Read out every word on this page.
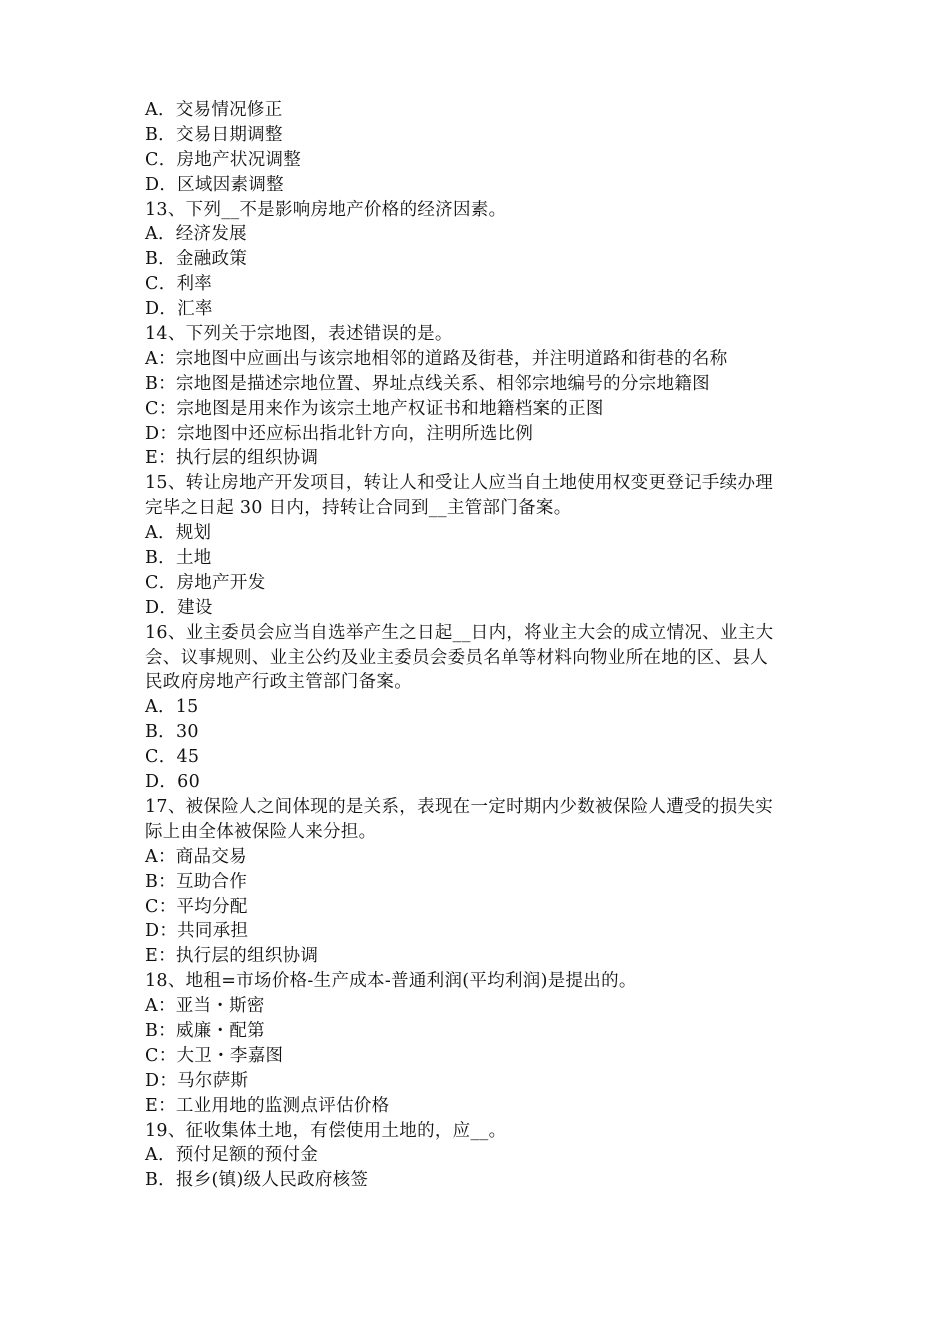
A．交易情况修正
B．交易日期调整
C．房地产状况调整
D．区域因素调整
13、下列__不是影响房地产价格的经济因素。
A．经济发展
B．金融政策
C．利率
D．汇率
14、下列关于宗地图，表述错误的是。
A：宗地图中应画出与该宗地相邻的道路及街巷，并注明道路和街巷的名称
B：宗地图是描述宗地位置、界址点线关系、相邻宗地编号的分宗地籍图
C：宗地图是用来作为该宗土地产权证书和地籍档案的正图
D：宗地图中还应标出指北针方向，注明所选比例
E：执行层的组织协调
15、转让房地产开发项目，转让人和受让人应当自土地使用权变更登记手续办理
完毕之日起 30 日内，持转让合同到__主管部门备案。
A．规划
B．土地
C．房地产开发
D．建设
16、业主委员会应当自选举产生之日起__日内，将业主大会的成立情况、业主大
会、议事规则、业主公约及业主委员会委员名单等材料向物业所在地的区、县人
民政府房地产行政主管部门备案。
A．15
B．30
C．45
D．60
17、被保险人之间体现的是关系，表现在一定时期内少数被保险人遭受的损失实
际上由全体被保险人来分担。
A：商品交易
B：互助合作
C：平均分配
D：共同承担
E：执行层的组织协调
18、地租=市场价格-生产成本-普通利润(平均利润)是提出的。
A：亚当・斯密
B：威廉・配第
C：大卫・李嘉图
D：马尔萨斯
E：工业用地的监测点评估价格
19、征收集体土地，有偿使用土地的，应__。
A．预付足额的预付金
B．报乡(镇)级人民政府核签
